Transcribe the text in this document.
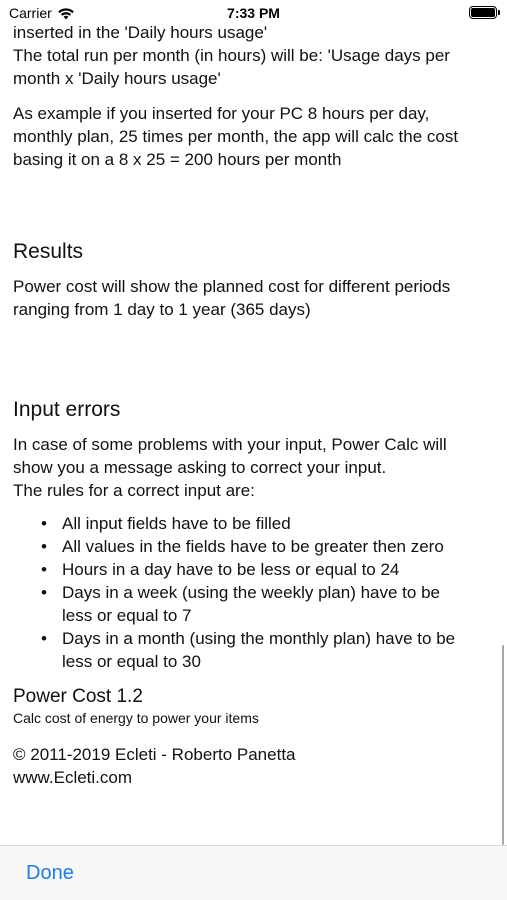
Carrier	7:33 PM
inserted in the 'Daily hours usage'
The total run per month (in hours) will be: 'Usage days per
month x 'Daily hours usage'
As example if you inserted for your PC 8 hours per day,
monthly plan, 25 times per month, the app will calc the cost
basing it on a 8 x 25 = 200 hours per month
Results
Power cost will show the planned cost for different periods
ranging from 1 day to 1 year (365 days)
Input errors
In case of some problems with your input, Power Calc will
show you a message asking to correct your input.
The rules for a correct input are:
• All input fields have to be filled
• All values in the fields have to be greater then zero
• Hours in a day have to be less or equal to 24
• Days in a week (using the weekly plan) have to be
less or equal to 7
• Days in a month (using the monthly plan) have to be
less or equal to 30
Power Cost 1.2
Calc cost of energy to power your items
© 2011-2019 Ecleti - Roberto Panetta
www.Ecleti.com
Done
